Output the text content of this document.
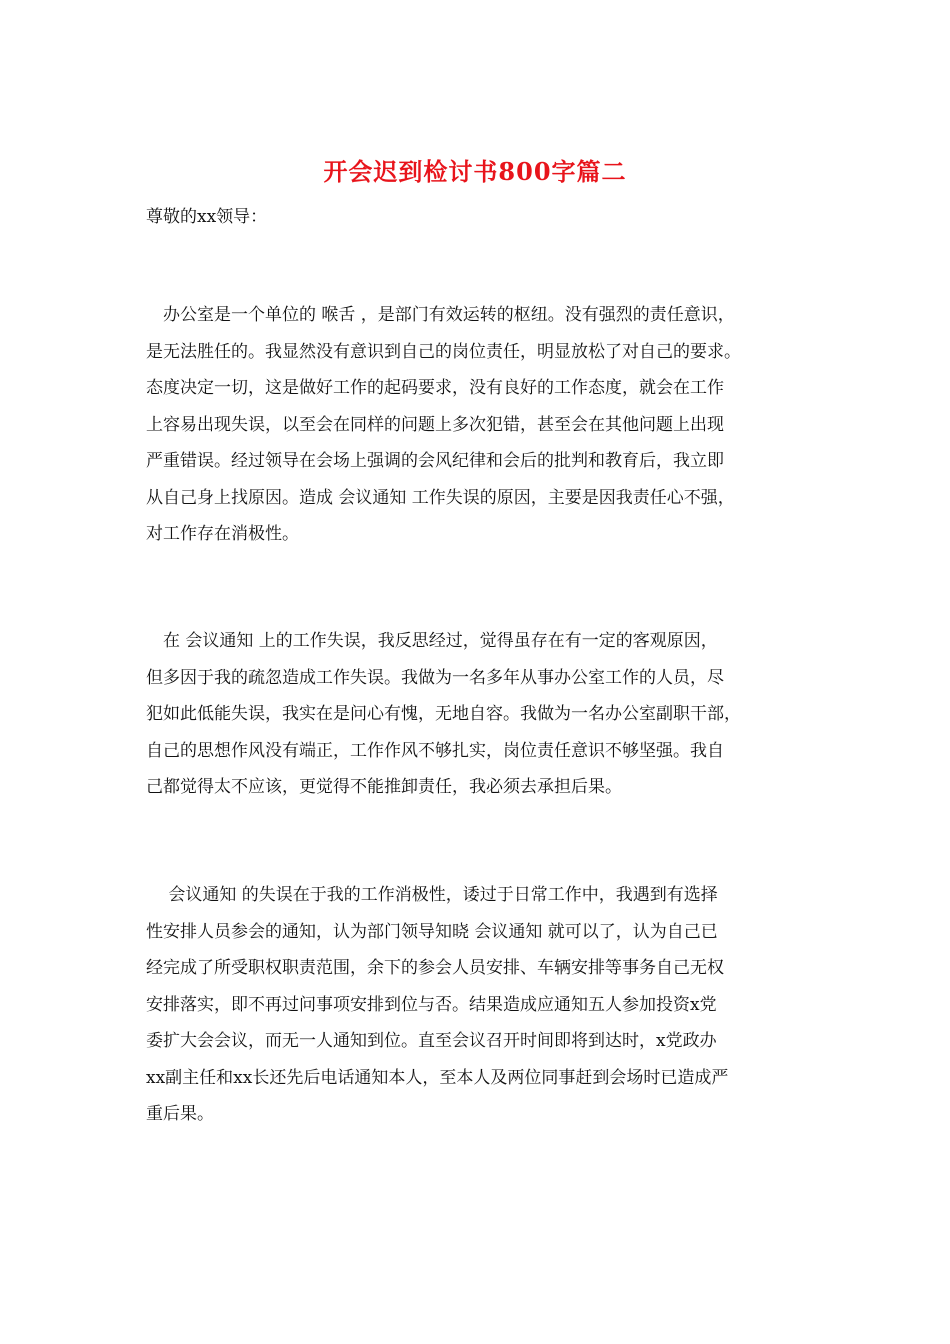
开会迟到检讨书800字篇二

尊敬的xx领导：

　办公室是一个单位的 喉舌 ，是部门有效运转的枢纽。没有强烈的责任意识，
是无法胜任的。我显然没有意识到自己的岗位责任，明显放松了对自己的要求。
态度决定一切，这是做好工作的起码要求，没有良好的工作态度，就会在工作
上容易出现失误，以至会在同样的问题上多次犯错，甚至会在其他问题上出现
严重错误。经过领导在会场上强调的会风纪律和会后的批判和教育后，我立即
从自己身上找原因。造成 会议通知 工作失误的原因，主要是因我责任心不强，
对工作存在消极性。

　在 会议通知 上的工作失误，我反思经过，觉得虽存在有一定的客观原因，
但多因于我的疏忽造成工作失误。我做为一名多年从事办公室工作的人员，尽
犯如此低能失误，我实在是问心有愧，无地自容。我做为一名办公室副职干部，
自己的思想作风没有端正，工作作风不够扎实，岗位责任意识不够坚强。我自
己都觉得太不应该，更觉得不能推卸责任，我必须去承担后果。

　 会议通知 的失误在于我的工作消极性，诿过于日常工作中，我遇到有选择
性安排人员参会的通知，认为部门领导知晓 会议通知 就可以了，认为自己已
经完成了所受职权职责范围，余下的参会人员安排、车辆安排等事务自己无权
安排落实，即不再过问事项安排到位与否。结果造成应通知五人参加投资x党
委扩大会会议，而无一人通知到位。直至会议召开时间即将到达时，x党政办
xx副主任和xx长还先后电话通知本人，至本人及两位同事赶到会场时已造成严
重后果。
